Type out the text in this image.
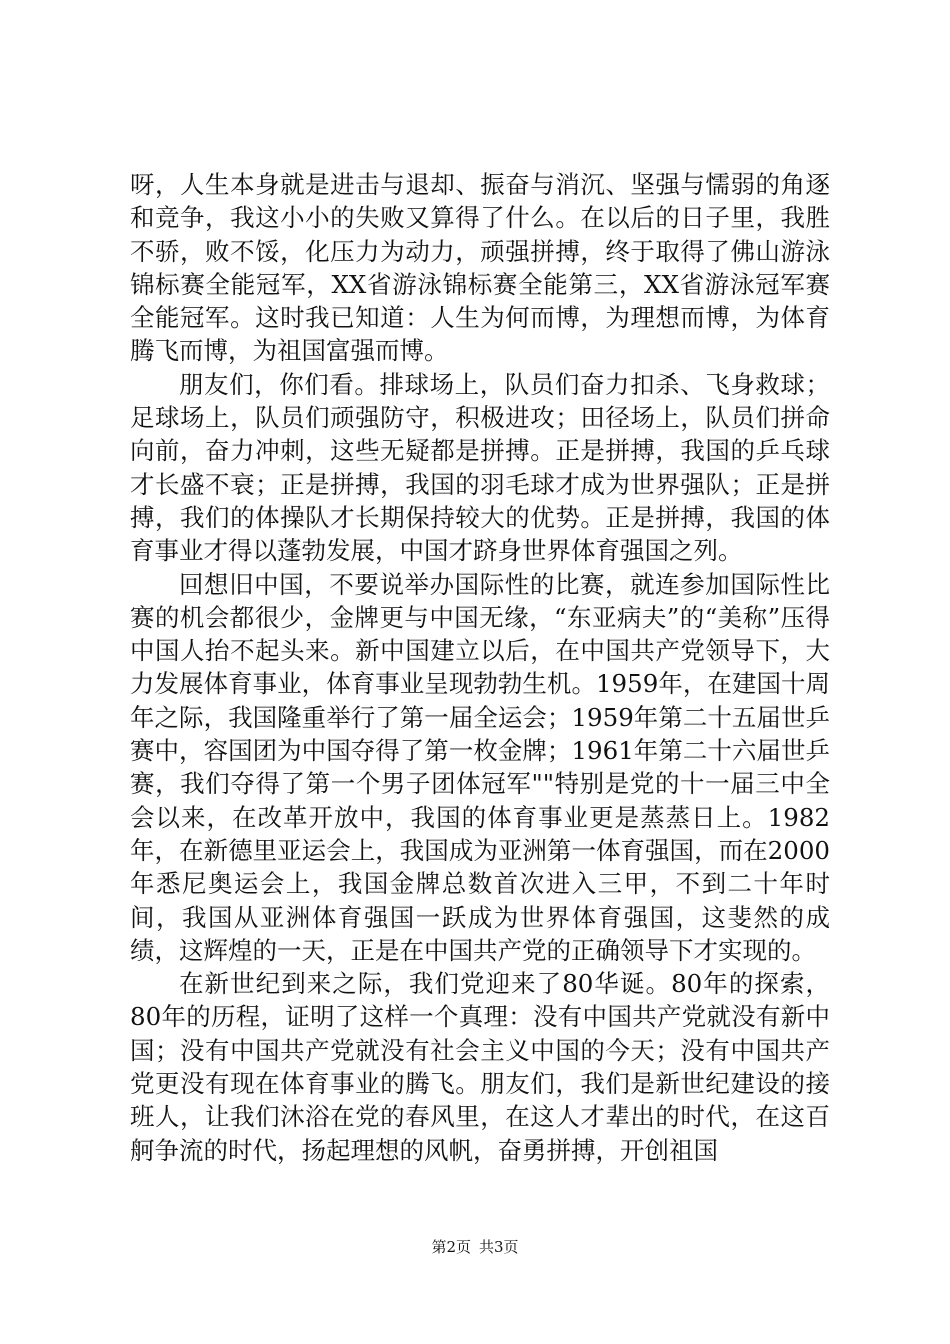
呀，人生本身就是进击与退却、振奋与消沉、坚强与懦弱的角逐和竞争，我这小小的失败又算得了什么。在以后的日子里，我胜不骄，败不馁，化压力为动力，顽强拼搏，终于取得了佛山游泳锦标赛全能冠军，XX省游泳锦标赛全能第三，XX省游泳冠军赛全能冠军。这时我已知道：人生为何而博，为理想而博，为体育腾飞而博，为祖国富强而博。

朋友们，你们看。排球场上，队员们奋力扣杀、飞身救球；足球场上，队员们顽强防守，积极进攻；田径场上，队员们拼命向前，奋力冲刺，这些无疑都是拼搏。正是拼搏，我国的乒乓球才长盛不衰；正是拼搏，我国的羽毛球才成为世界强队；正是拼搏，我们的体操队才长期保持较大的优势。正是拼搏，我国的体育事业才得以蓬勃发展，中国才跻身世界体育强国之列。

回想旧中国，不要说举办国际性的比赛，就连参加国际性比赛的机会都很少，金牌更与中国无缘，“东亚病夫”的“美称”压得中国人抬不起头来。新中国建立以后，在中国共产党领导下，大力发展体育事业，体育事业呈现勃勃生机。1959年，在建国十周年之际，我国隆重举行了第一届全运会；1959年第二十五届世乒赛中，容国团为中国夺得了第一枚金牌；1961年第二十六届世乒赛，我们夺得了第一个男子团体冠军""特别是党的十一届三中全会以来，在改革开放中，我国的体育事业更是蒸蒸日上。1982年，在新德里亚运会上，我国成为亚洲第一体育强国，而在2000年悉尼奥运会上，我国金牌总数首次进入三甲，不到二十年时间，我国从亚洲体育强国一跃成为世界体育强国，这斐然的成绩，这辉煌的一天，正是在中国共产党的正确领导下才实现的。

在新世纪到来之际，我们党迎来了80华诞。80年的探索，80年的历程，证明了这样一个真理：没有中国共产党就没有新中国；没有中国共产党就没有社会主义中国的今天；没有中国共产党更没有现在体育事业的腾飞。朋友们，我们是新世纪建设的接班人，让我们沐浴在党的春风里，在这人才辈出的时代，在这百舸争流的时代，扬起理想的风帆，奋勇拼搏，开创祖国

第2页 共3页
